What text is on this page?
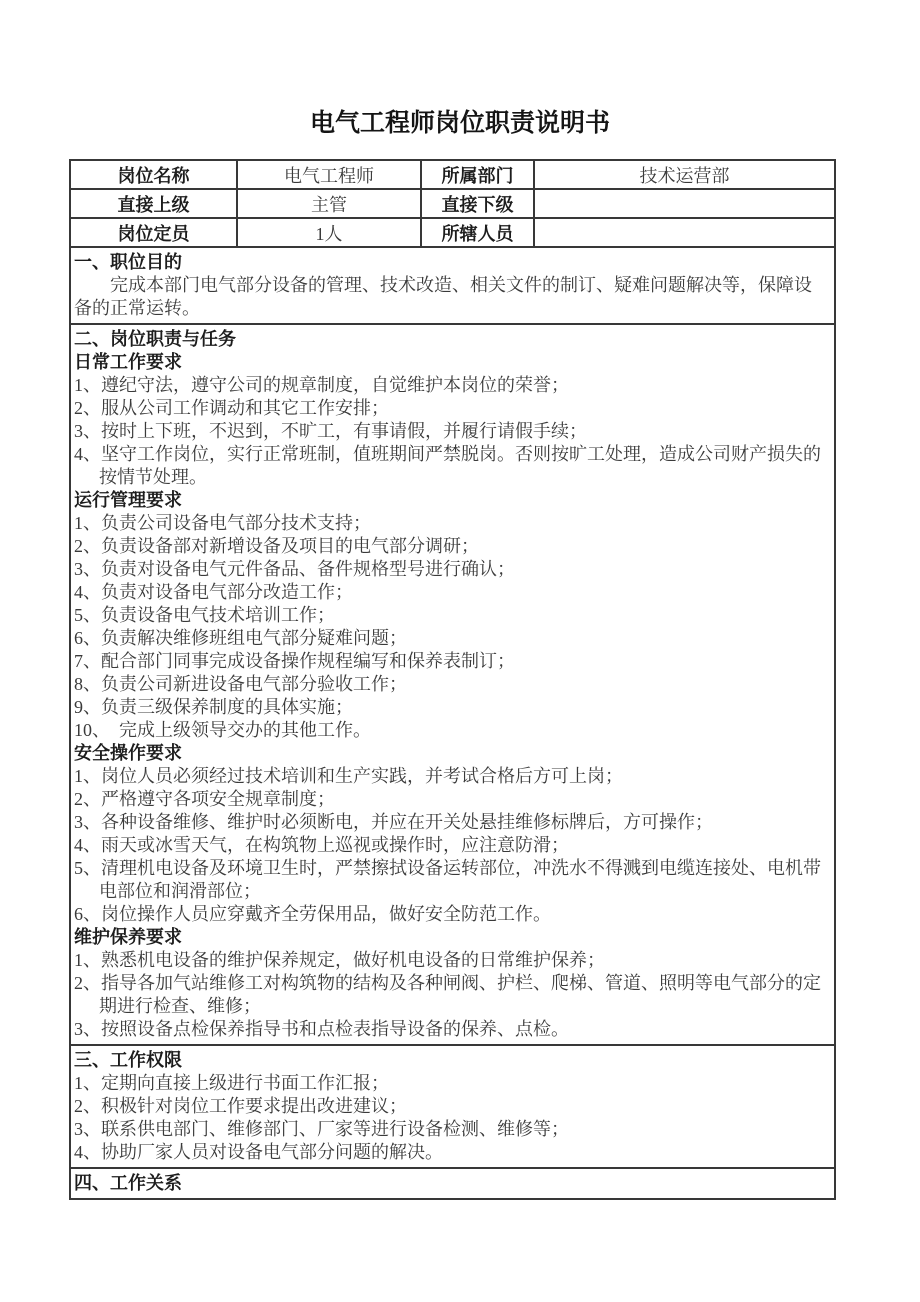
电气工程师岗位职责说明书
岗位名称	电气工程师	所属部门	技术运营部
直接上级	主管	直接下级
岗位定员	1人	所辖人员
一、职位目的
完成本部门电气部分设备的管理、技术改造、相关文件的制订、疑难问题解决等，保障设备的正常运转。
二、岗位职责与任务
日常工作要求
1、遵纪守法，遵守公司的规章制度，自觉维护本岗位的荣誉；
2、服从公司工作调动和其它工作安排；
3、按时上下班，不迟到，不旷工，有事请假，并履行请假手续；
4、坚守工作岗位，实行正常班制，值班期间严禁脱岗。否则按旷工处理，造成公司财产损失的按情节处理。
运行管理要求
1、负责公司设备电气部分技术支持；
2、负责设备部对新增设备及项目的电气部分调研；
3、负责对设备电气元件备品、备件规格型号进行确认；
4、负责对设备电气部分改造工作；
5、负责设备电气技术培训工作；
6、负责解决维修班组电气部分疑难问题；
7、配合部门同事完成设备操作规程编写和保养表制订；
8、负责公司新进设备电气部分验收工作；
9、负责三级保养制度的具体实施；
10、　完成上级领导交办的其他工作。
安全操作要求
1、岗位人员必须经过技术培训和生产实践，并考试合格后方可上岗；
2、严格遵守各项安全规章制度；
3、各种设备维修、维护时必须断电，并应在开关处悬挂维修标牌后，方可操作；
4、雨天或冰雪天气，在构筑物上巡视或操作时，应注意防滑；
5、清理机电设备及环境卫生时，严禁擦拭设备运转部位，冲洗水不得溅到电缆连接处、电机带电部位和润滑部位；
6、岗位操作人员应穿戴齐全劳保用品，做好安全防范工作。
维护保养要求
1、熟悉机电设备的维护保养规定，做好机电设备的日常维护保养；
2、指导各加气站维修工对构筑物的结构及各种闸阀、护栏、爬梯、管道、照明等电气部分的定期进行检查、维修；
3、按照设备点检保养指导书和点检表指导设备的保养、点检。
三、工作权限
1、定期向直接上级进行书面工作汇报；
2、积极针对岗位工作要求提出改进建议；
3、联系供电部门、维修部门、厂家等进行设备检测、维修等；
4、协助厂家人员对设备电气部分问题的解决。
四、工作关系
